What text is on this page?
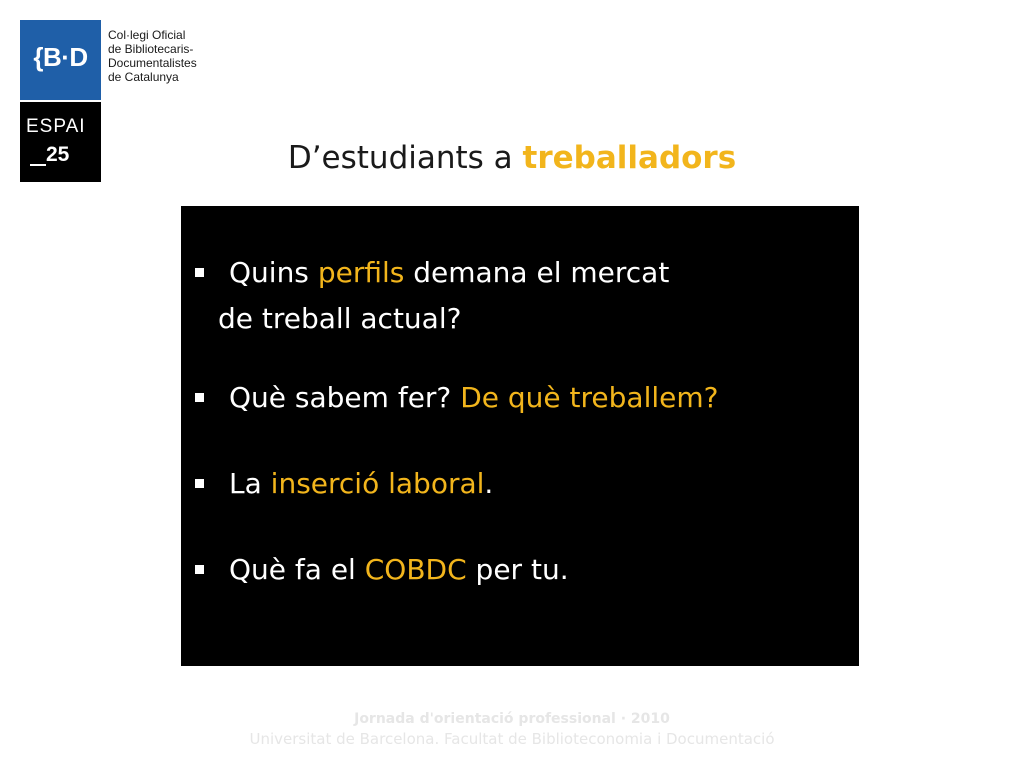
{B·D
Col·legi Oficial
de Bibliotecaris-
Documentalistes
de Catalunya
ESPAI
25	D’estudiants a treballadors
Quins perfils demana el mercat
de treball actual?
Què sabem fer? De què treballem?
La inserció laboral.
Què fa el COBDC per tu.
Jornada d'orientació professional · 2010
Universitat de Barcelona. Facultat de Biblioteconomia i Documentació
